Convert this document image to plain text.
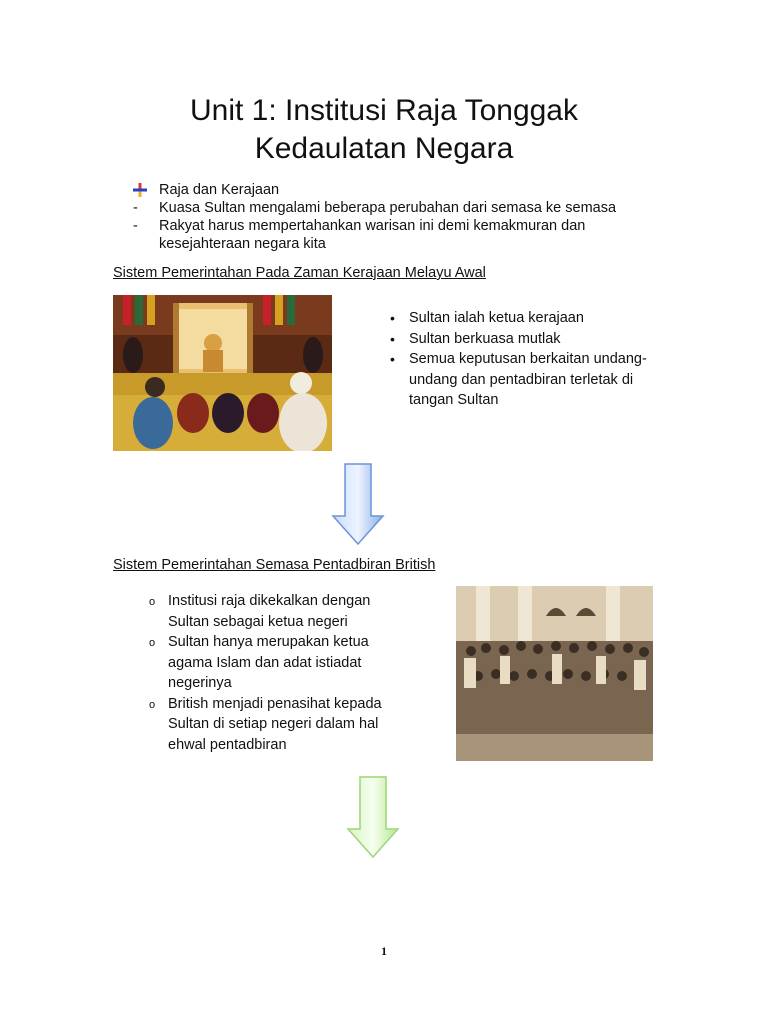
Unit 1: Institusi Raja Tonggak
Kedaulatan Negara
Raja dan Kerajaan
-	Kuasa Sultan mengalami beberapa perubahan dari semasa ke semasa
-	Rakyat harus mempertahankan warisan ini demi kemakmuran dan
kesejahteraan negara kita
Sistem Pemerintahan Pada Zaman Kerajaan Melayu Awal
• Sultan ialah ketua kerajaan
• Sultan berkuasa mutlak
• Semua keputusan berkaitan undang-undang dan pentadbiran terletak di tangan Sultan
Sistem Pemerintahan Semasa Pentadbiran British
o Institusi raja dikekalkan dengan Sultan sebagai ketua negeri
o Sultan hanya merupakan ketua agama Islam dan adat istiadat negerinya
o British menjadi penasihat kepada Sultan di setiap negeri dalam hal ehwal pentadbiran
1
